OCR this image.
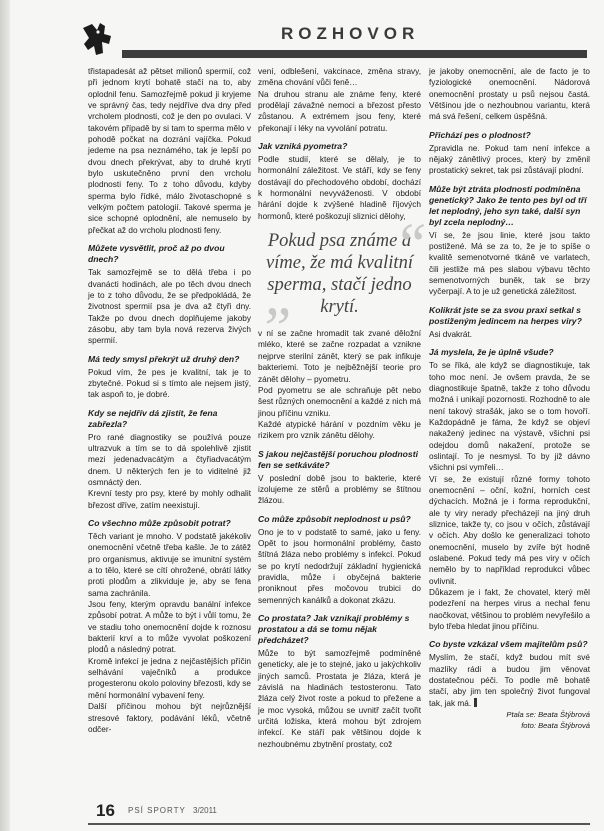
ROZHOVOR

třistapadesát až pětset milionů spermií, což při jednom krytí bohatě stačí na to, aby oplodnil fenu. Samozřejmě pokud ji kryjeme ve správný čas, tedy nejdříve dva dny před vrcholem plodnosti, což je den po ovulaci. V takovém případě by si tam to sperma mělo v pohodě počkat na dozrání vajíčka. Pokud jedeme na psa neznámého, tak je lepší po dvou dnech překrývat, aby to druhé krytí bylo uskutečněno první den vrcholu plodnosti feny. To z toho důvodu, kdyby sperma bylo řídké, málo životaschopné s velkým počtem patologií. Takové sperma je sice schopné oplodnění, ale nemuselo by přečkat až do vrcholu plodnosti feny.

Můžete vysvětlit, proč až po dvou dnech?

Tak samozřejmě se to dělá třeba i po dvanácti hodinách, ale po těch dvou dnech je to z toho důvodu, že se předpokládá, že životnost spermií psa je dva až čtyři dny. Takže po dvou dnech doplňujeme jakoby zásobu, aby tam byla nová rezerva živých spermií.

Má tedy smysl překrýt už druhý den?

Pokud vím, že pes je kvalitní, tak je to zbytečné. Pokud si s tímto ale nejsem jistý, tak aspoň to, je dobré.

Kdy se nejdřív dá zjistit, že fena zabřezla?

Pro rané diagnostiky se používá pouze ultrazvuk a tím se to dá spolehlivě zjistit mezi jedenadvacátým a čtyřiadvacátým dnem. U některých fen je to viditelné již osmnáctý den.

Krevní testy pro psy, které by mohly odhalit březost dříve, zatím neexistují.

Co všechno může způsobit potrat?

Těch variant je mnoho. V podstatě jakékoliv onemocnění včetně třeba kašle. Je to zátěž pro organismus, aktivuje se imunitní systém a to tělo, které se cítí ohrožené, obrátí látky proti plodům a zlikviduje je, aby se fena sama zachránila.

Jsou feny, kterým opravdu banální infekce způsobí potrat. A může to být i vůlí tomu, že ve stadiu toho onemocnění dojde k roznosu bakterií krví a to může vyvolat poškození plodů a následný potrat.

Kromě infekcí je jedna z nejčastějších příčin selhávání vaječníků a produkce progesteronu okolo poloviny březosti, kdy se mění hormonální vybavení feny.

Další příčinou mohou být nejrůznější stresové faktory, podávání léků, včetně odčer-

vení, odblešení, vakcinace, změna stravy, změna chování vůči feně…

Na druhou stranu ale známe feny, které prodělají závažné nemoci a březost přesto zůstanou. A extrémem jsou feny, které překonají i léky na vyvolání potratu.

Jak vzniká pyometra?

Podle studií, které se dělaly, je to hormonální záležitost. Ve stáří, kdy se feny dostávají do přechodového období, dochází k hormonální nevyváženosti. V období hárání dojde k zvýšené hladině říjových hormonů, které poškozují sliznici dělohy,

“
Pokud psa známe a víme, že má kvalitní sperma, stačí jedno krytí.
”

v ní se začne hromadit tak zvané děložní mléko, které se začne rozpadat a vznikne nejprve sterilní zánět, který se pak infikuje bakteriemi. Toto je nejběžnější teorie pro zánět dělohy – pyometru.

Pod pyometru se ale schraňuje pět nebo šest různých onemocnění a každé z nich má jinou příčinu vzniku.

Každé atypické hárání v pozdním věku je rizikem pro vznik zánětu dělohy.

S jakou nejčastější poruchou plodnosti fen se setkáváte?

V poslední době jsou to bakterie, které izolujeme ze stěrů a problémy se štítnou žlázou.

Co může způsobit neplodnost u psů?

Ono je to v podstatě to samé, jako u feny. Opět to jsou hormonální problémy, často štítná žláza nebo problémy s infekcí. Pokud se po krytí nedodržují základní hygienická pravidla, může i obyčejná bakterie proniknout přes močovou trubici do semenných kanálků a dokonat zkázu.

Co prostata? Jak vznikají problémy s prostatou a dá se tomu nějak předcházet?

Může to být samozřejmě podmíněné geneticky, ale je to stejné, jako u jakýchkoliv jiných samců. Prostata je žláza, která je závislá na hladinách testosteronu. Tato žláza celý život roste a pokud to přežene a je moc vysoká, můžou se uvnitř začít tvořit určitá ložiska, která mohou být zdrojem infekcí. Ke stáří pak většinou dojde k nezhoubnému zbytnění prostaty, což

je jakoby onemocnění, ale de facto je to fyziologické onemocnění. Nádorová onemocnění prostaty u psů nejsou častá. Většinou jde o nezhoubnou variantu, která má svá řešení, celkem úspěšná.

Přichází pes o plodnost?

Zpravidla ne. Pokud tam není infekce a nějaký zánětlivý proces, který by změnil prostatický sekret, tak psi zůstávají plodní.

Může být ztráta plodnosti podmíněna genetický? Jako že tento pes byl od tří let neplodný, jeho syn také, další syn byl zcela neplodný…

Ví se, že jsou linie, které jsou takto postižené. Má se za to, že je to spíše o kvalitě semenotvorné tkáně ve varlatech, čili jestliže má pes slabou výbavu těchto semenotvorných buněk, tak se brzy vyčerpají. A to je už genetická záležitost.

Kolikrát jste se za svou praxi setkal s postiženým jedincem na herpes viry?

Asi dvakrát.

Já myslela, že je úplně všude?

To se říká, ale když se diagnostikuje, tak toho moc není. Je ovšem pravda, že se diagnostikuje špatně, takže z toho důvodu možná i unikají pozornosti. Rozhodně to ale není takový strašák, jako se o tom hovoří. Každopádně je fáma, že když se objeví nakažený jedinec na výstavě, všichni psi odejdou domů nakažení, protože se oslintají. To je nesmysl. To by již dávno všichni psi vymřeli…

Ví se, že existují různé formy tohoto onemocnění – oční, kožní, horních cest dýchacích. Možná je i forma reprodukční, ale ty viry nerady přecházejí na jiný druh sliznice, takže ty, co jsou v očích, zůstávají v očích. Aby došlo ke generalizaci tohoto onemocnění, muselo by zvíře být hodně oslabené. Pokud tedy má pes viry v očích nemělo by to například reprodukci vůbec ovlivnit.

Důkazem je i fakt, že chovatel, který měl podezření na herpes virus a nechal fenu naočkovat, většinou to problém nevyřešilo a bylo třeba hledat jinou příčinu.

Co byste vzkázal všem majitelům psů?

Myslím, že stačí, když budou mít své mazlíky rádi a budou jim věnovat dostatečnou péči. To podle mě bohatě stačí, aby jim ten společný život fungoval tak, jak má.

Ptala se: Beata Štýbrová
foto: Beata Štýbrová
16 PSÍ SPORTY 3/2011
